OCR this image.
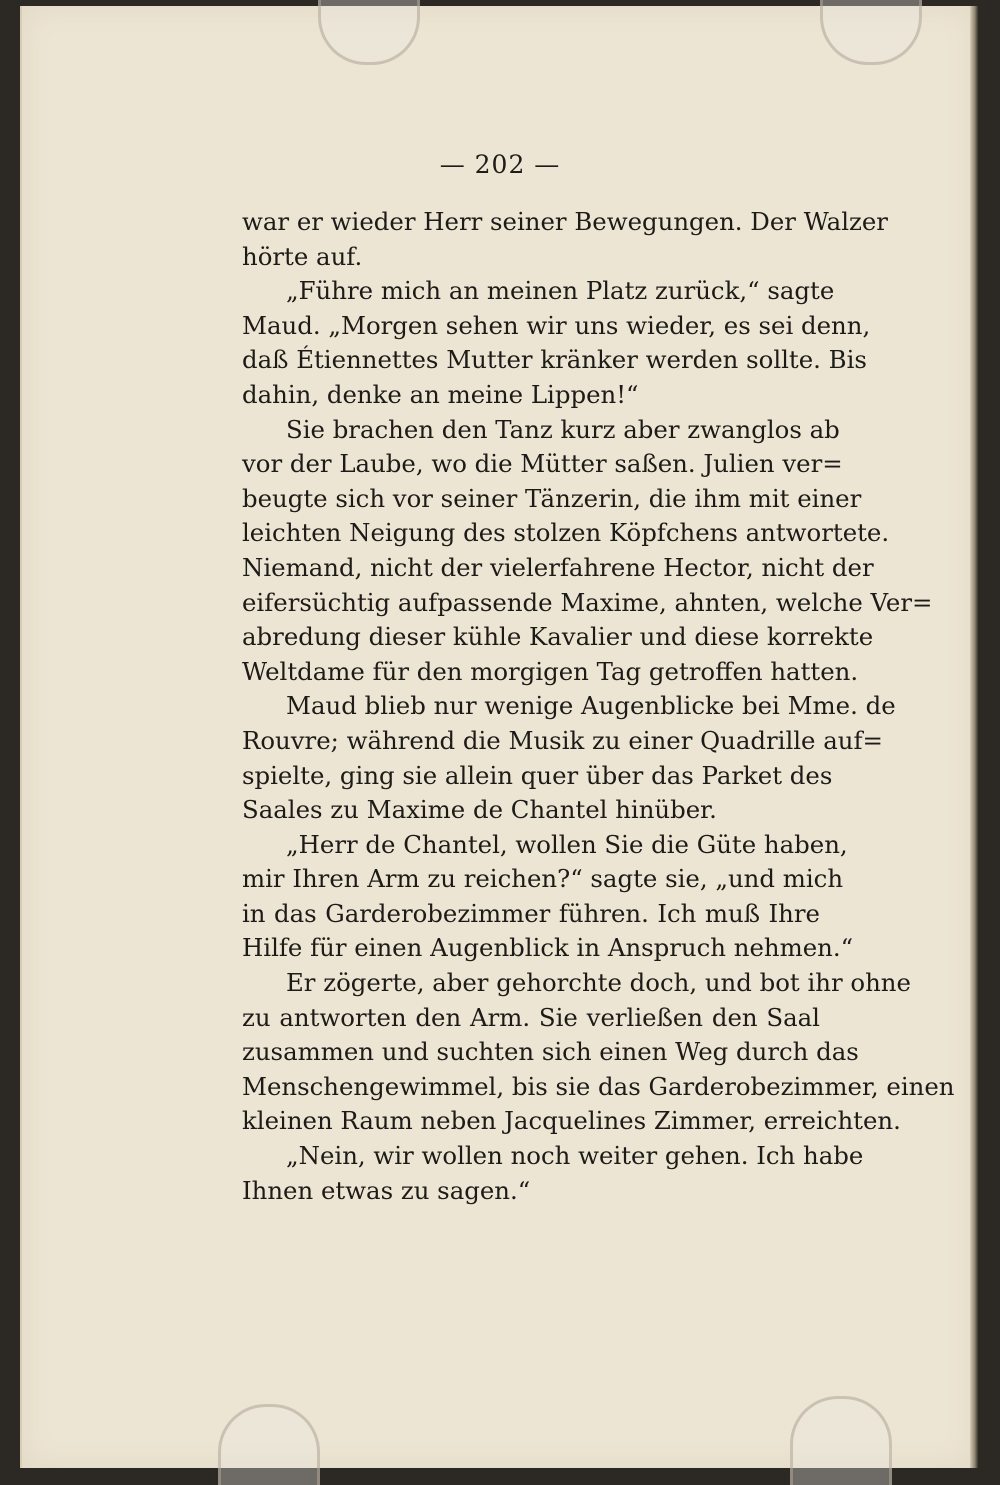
— 202 —
war er wieder Herr seiner Bewegungen. Der Walzer
hörte auf.
„Führe mich an meinen Platz zurück,“ sagte
Maud. „Morgen sehen wir uns wieder, es sei denn,
daß Étiennettes Mutter kränker werden sollte. Bis
dahin, denke an meine Lippen!“
Sie brachen den Tanz kurz aber zwanglos ab
vor der Laube, wo die Mütter saßen. Julien ver=
beugte sich vor seiner Tänzerin, die ihm mit einer
leichten Neigung des stolzen Köpfchens antwortete.
Niemand, nicht der vielerfahrene Hector, nicht der
eifersüchtig aufpassende Maxime, ahnten, welche Ver=
abredung dieser kühle Kavalier und diese korrekte
Weltdame für den morgigen Tag getroffen hatten.
Maud blieb nur wenige Augenblicke bei Mme. de
Rouvre; während die Musik zu einer Quadrille auf=
spielte, ging sie allein quer über das Parket des
Saales zu Maxime de Chantel hinüber.
„Herr de Chantel, wollen Sie die Güte haben,
mir Ihren Arm zu reichen?“ sagte sie, „und mich
in das Garderobezimmer führen. Ich muß Ihre
Hilfe für einen Augenblick in Anspruch nehmen.“
Er zögerte, aber gehorchte doch, und bot ihr ohne
zu antworten den Arm. Sie verließen den Saal
zusammen und suchten sich einen Weg durch das
Menschengewimmel, bis sie das Garderobezimmer, einen
kleinen Raum neben Jacquelines Zimmer, erreichten.
„Nein, wir wollen noch weiter gehen. Ich habe
Ihnen etwas zu sagen.“
